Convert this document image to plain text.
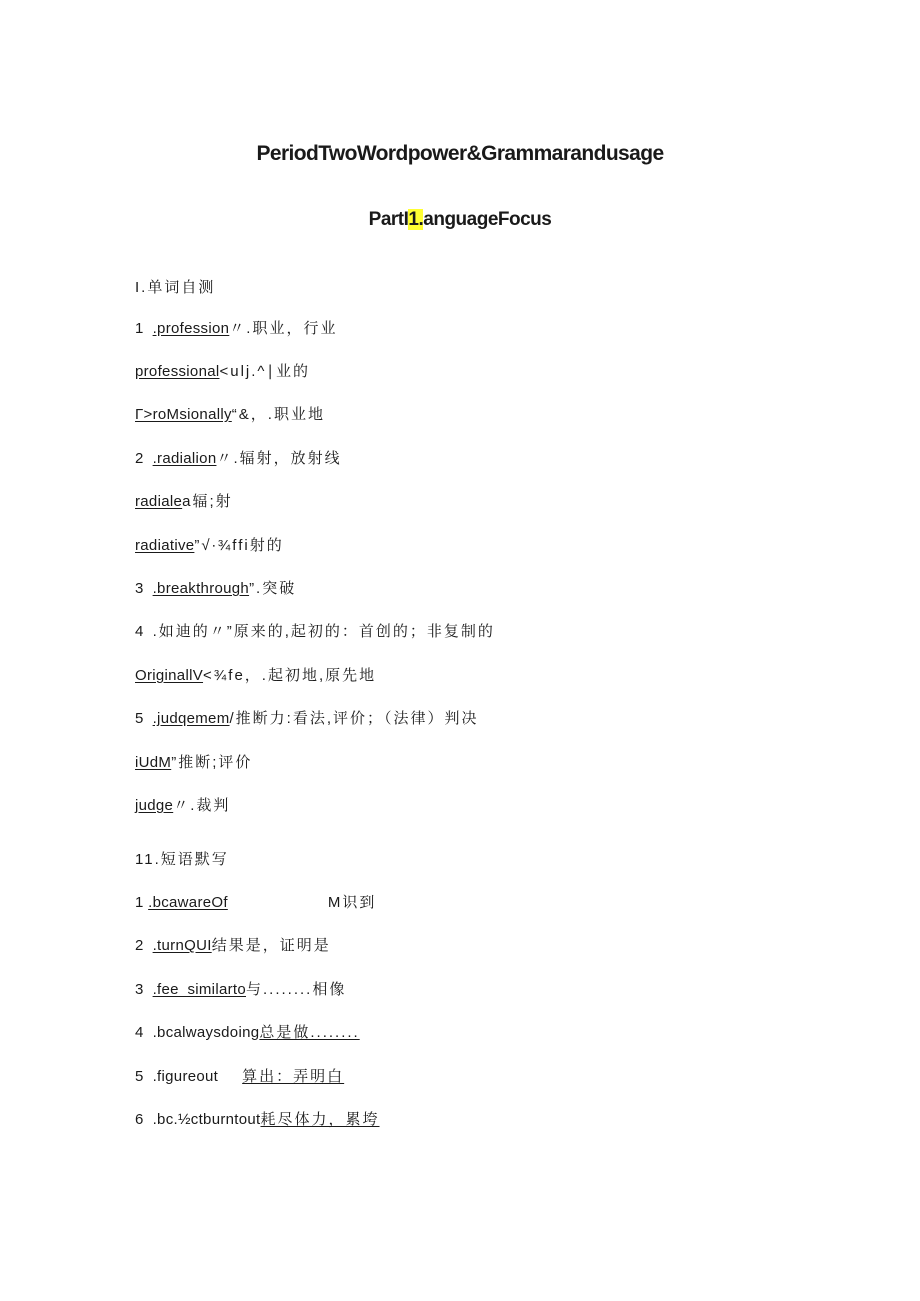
PeriodTwoWordpower&Grammarandusage
PartI1.anguageFocus
I.单词自测
1 .profession〃.职业，行业
professional<ulj.^∣业的
Γ>roMsionally“&，.职业地
2 .radialion〃.辐射，放射线
radialea辐;射
radiative”√∙¾ffi射的
3 .breakthrough”.突破
4 .如迪的〃”原来的,起初的：首创的；非复制的
OriginallV<¾fe，.起初地,原先地
5 .judqemem/推断力:看法,评价；（法律）判决
iUdM”推断;评价
judge〃.裁判
11.短语默写
1 .bcawareOf	M识到
2 .turnQUI结果是，证明是
3 .fee_similarto与........相像
4 .bcalwaysdoing总是做........
5 .figureout 算出：弄明白
6 .bc.½ctburntout耗尽体力，累垮
